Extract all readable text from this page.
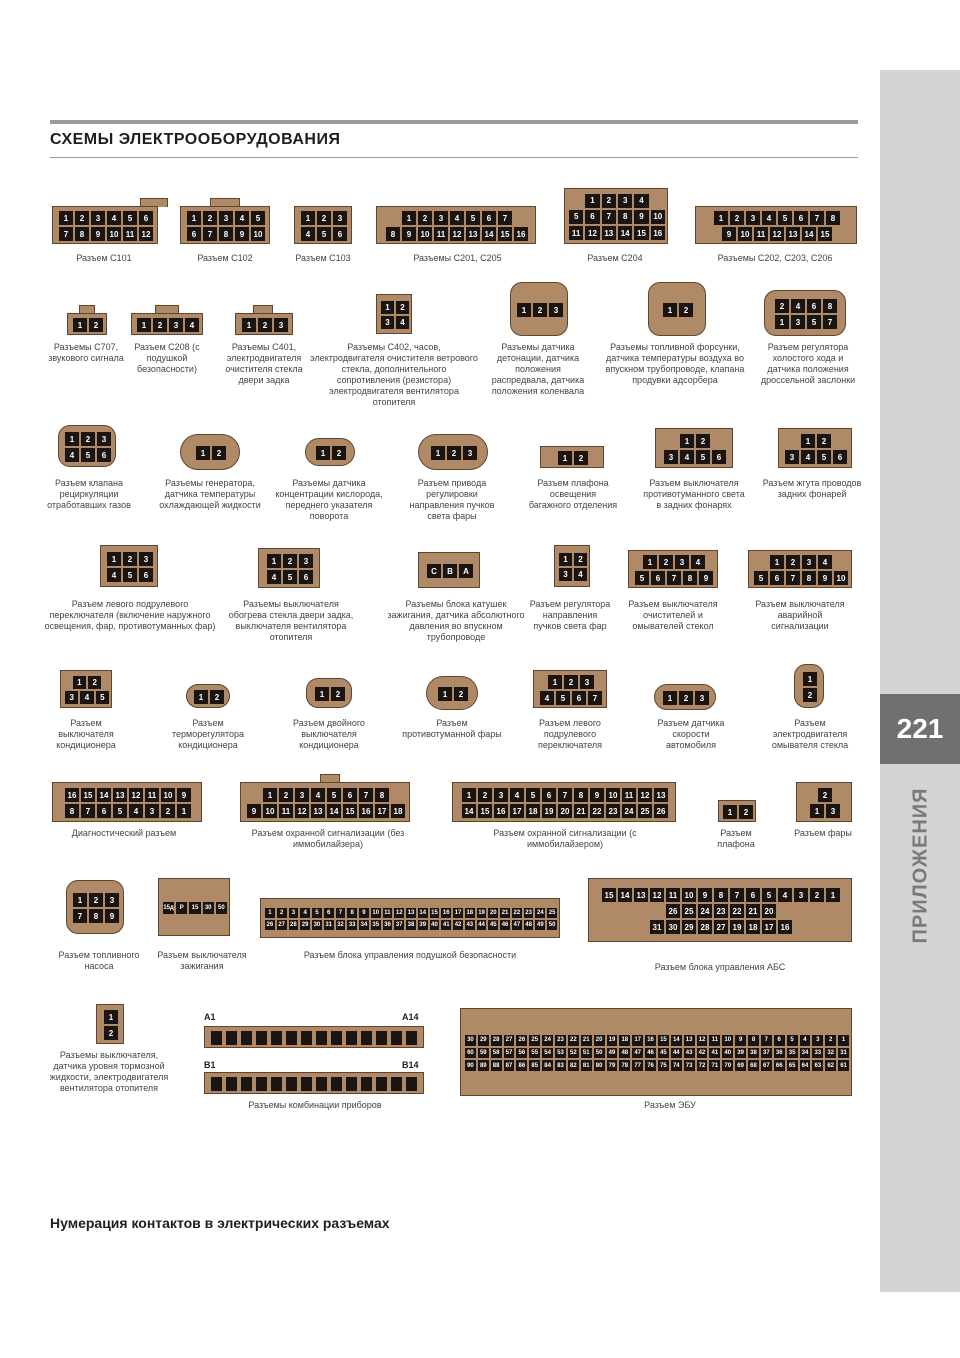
221
ПРИЛОЖЕНИЯ
СХЕМЫ ЭЛЕКТРООБОРУДОВАНИЯ
1	2	3	4	5	6
7	8	9	10 11 12
Разъем С101
1	2	3	4	5
6	7	8	9	10
Разъем С102
1	2	3
4	5	6
Разъем С103
1	2	3	4	5	6	7
8	9	10 11 12 13 14 15 16
Разъемы С201, С205
1	2	3	4
5	6	7	8	9	10
11 12 13 14 15 16
Разъем С204
1	2	3	4	5	6	7	8
9	10 11 12 13 14 15
Разъемы С202, С203, С206
1	2
Разъемы С707, звукового сигнала
1	2	3	4
Разъем С208 (с подушкой безопасности)
1	2	3
Разъемы С401, электродвигателя очистителя стекла двери задка
1	2
3	4
Разъемы С402, часов, электродвигателя очистителя ветрового стекла, дополнительного сопротивления (резистора) электродвигателя вентилятора отопителя
1	2	3
Разъемы датчика детонации, датчика положения распредвала, датчика положения коленвала
1	2
Разъемы топливной форсунки, датчика температуры воздуха во впускном трубопроводе, клапана продувки адсорбера
2	4	6	8
1	3	5	7
Разъем регулятора холостого хода и датчика положения дроссельной заслонки
1	2	3
4	5	6
Разъем клапана рециркуляции отработавших газов
1	2
Разъемы генератора, датчика температуры охлаждающей жидкости
1	2
Разъемы датчика концентрации кислорода, переднего указателя поворота
1	2	3
Разъем привода регулировки направления пучков света фары
1	2
Разъем плафона освещения багажного отделения
1	2
3	4	5	6
Разъем выключателя противотуманного света в задних фонарях
1	2
3	4	5	6
Разъем жгута проводов задних фонарей
1	2	3
4	5	6
Разъем левого подрулевого переключателя (включение наружного освещения, фар, противотуманных фар)
1	2	3
4	5	6
Разъемы выключателя обогрева стекла двери задка, выключателя вентилятора отопителя
C	B	A
Разъемы блока катушек зажигания, датчика абсолютного давления во впускном трубопроводе
1	2
3	4
Разъем регулятора направления пучков света фар
1	2	3	4
5	6	7	8	9
Разъем выключателя очистителей и омывателей стекол
1	2	3	4
5	6	7	8	9	10
Разъем выключателя аварийной сигнализации
1	2
3	4	5
Разъем выключателя кондиционера
1	2
Разъем терморегулятора кондиционера
1	2
Разъем двойного выключателя кондиционера
1	2
Разъем противотуманной фары
1	2	3
4	5	6	7
Разъем левого подрулевого переключателя
1	2	3
Разъем датчика скорости автомобиля
1
2
Разъем электродвигателя омывателя стекла
16 15 14 13 12 11 10	9
8	7	6	5	4	3	2	1
Диагностический разъем
1	2	3	4	5	6	7	8
9	10 11 12 13 14 15 16 17 18
Разъем охранной сигнализации (без иммобилайзера)
1	2	3	4	5	6	7	8	9	10 11 12 13
14 15 16 17 18 19 20 21 22 23 24 25 26
Разъем охранной сигнализации (с иммобилайзером)
1	2
Разъем плафона
2
1	3
Разъем фары
1	2	3
7	8	9
Разъем топливного насоса
15д P	15	30	50
Разъем выключателя зажигания
1	2	3	4	5	6	7	8	9	10 11 12 13 14 15 16 17 18 19 20 21 22 23 24 25
26 27 28 29 30 31 32 33 34 35 36 37 38 39 40 41 42 43 44 45 46 47 48 49 50
Разъем блока управления подушкой безопасности
15 14 13 12 11 10	9	8	7	6	5	4	3	2	1
26 25 24 23 22 21 20
31 30 29 28 27 19 18 17 16
Разъем блока управления АБС
1
2
Разъемы выключателя, датчика уровня тормозной жидкости, электродвигателя вентилятора отопителя
A1	A14
B1	B14
Разъемы комбинации приборов
30	29	28	27	26	25	24	23	22	21	20	19	18	17	16	15	14	13	12	11	10	9	8	7	6	5	4	3	2	1
60	59	58	57	56	55	54	53	52	51	50	49	48	47	46	45	44	43	42	41	40	39	38	37	36	35	34	33	32	31
90	89	88	87	86	85	84	83	82	81	80	79	78	77	76	75	74	73	72	71	70	69	68	67	66	65	64	63	62	61
Разъем ЭБУ
Нумерация контактов в электрических разъемах
